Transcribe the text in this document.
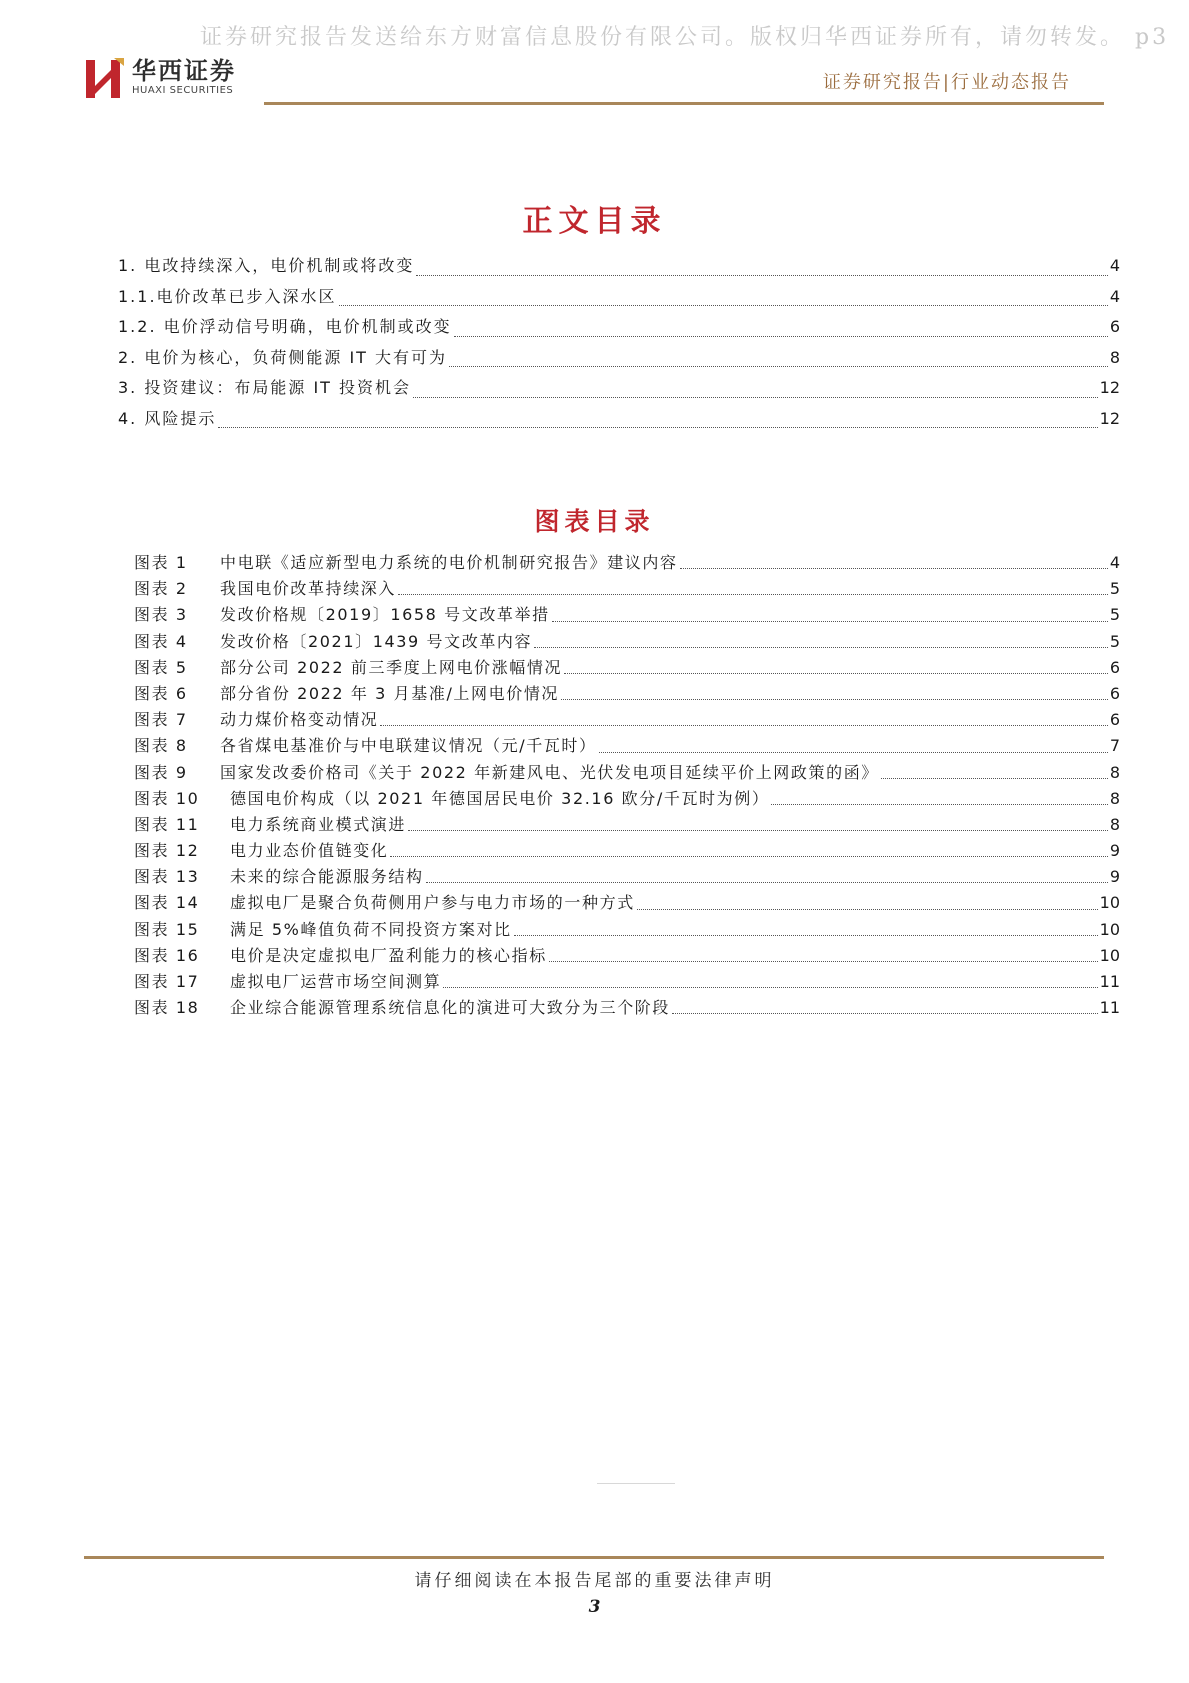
证券研究报告发送给东方财富信息股份有限公司。版权归华西证券所有，请勿转发。 p3
华西证券
HUAXI SECURITIES	证券研究报告|行业动态报告
正文目录
1. 电改持续深入，电价机制或将改变	4
1.1.电价改革已步入深水区	4
1.2. 电价浮动信号明确，电价机制或改变	6
2. 电价为核心，负荷侧能源 IT 大有可为	8
3. 投资建议：布局能源 IT 投资机会	12
4. 风险提示	12
图表目录
图表 1	中电联《适应新型电力系统的电价机制研究报告》建议内容	4
图表 2	我国电价改革持续深入	5
图表 3	发改价格规〔2019〕1658 号文改革举措	5
图表 4	发改价格〔2021〕1439 号文改革内容	5
图表 5	部分公司 2022 前三季度上网电价涨幅情况	6
图表 6	部分省份 2022 年 3 月基准/上网电价情况	6
图表 7	动力煤价格变动情况	6
图表 8	各省煤电基准价与中电联建议情况（元/千瓦时）	7
图表 9	国家发改委价格司《关于 2022 年新建风电、光伏发电项目延续平价上网政策的函》	8
图表 10	德国电价构成（以 2021 年德国居民电价 32.16 欧分/千瓦时为例）	8
图表 11	电力系统商业模式演进	8
图表 12	电力业态价值链变化	9
图表 13	未来的综合能源服务结构	9
图表 14	虚拟电厂是聚合负荷侧用户参与电力市场的一种方式	10
图表 15	满足 5%峰值负荷不同投资方案对比	10
图表 16	电价是决定虚拟电厂盈利能力的核心指标	10
图表 17	虚拟电厂运营市场空间测算	11
图表 18	企业综合能源管理系统信息化的演进可大致分为三个阶段	11
请仔细阅读在本报告尾部的重要法律声明
3
